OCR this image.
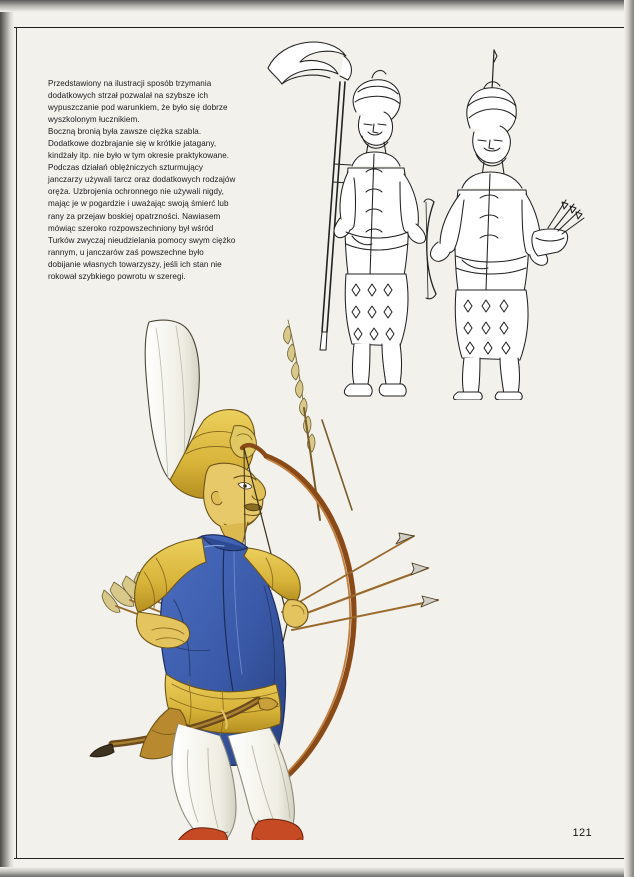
Przedstawiony na ilustracji sposób trzymania dodatkowych strzał pozwalał na szybsze ich wypuszczanie pod warunkiem, że było się dobrze wyszkolonym łucznikiem.

Boczną bronią była zawsze ciężka szabla. Dodatkowe dozbrajanie się w krótkie jatagany, kindżały itp. nie było w tym okresie praktykowane. Podczas działań oblężniczych szturmujący janczarzy używali tarcz oraz dodatkowych rodzajów oręża. Uzbrojenia ochronnego nie używali nigdy, mając je w pogardzie i uważając swoją śmierć lub rany za przejaw boskiej opatrzności. Nawiasem mówiąc szeroko rozpowszechniony był wśród Turków zwyczaj nieudzielania pomocy swym ciężko rannym, u janczarów zaś powszechne było dobijanie własnych towarzyszy, jeśli ich stan nie rokował szybkiego powrotu w szeregi.

121
